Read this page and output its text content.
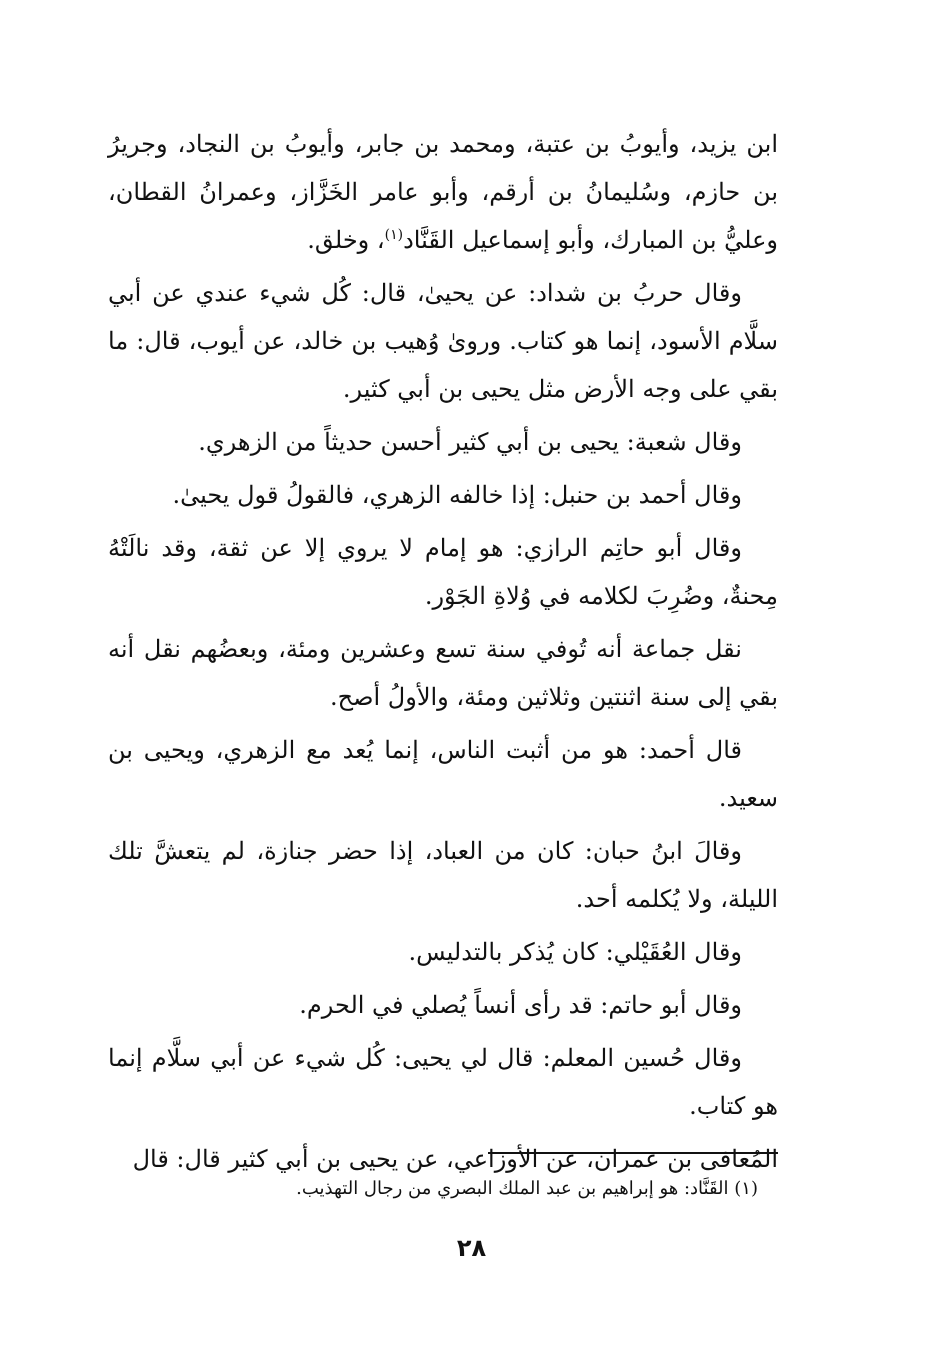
ابن يزيد، وأيوبُ بن عتبة، ومحمد بن جابر، وأيوبُ بن النجاد، وجريرُ بن حازم، وسُليمانُ بن أرقم، وأبو عامر الخَزَّاز، وعمرانُ القطان، وعليُّ بن المبارك، وأبو إسماعيل القَنَّاد$^{(١)}$، وخلق.

وقال حربُ بن شداد: عن يحيىٰ، قال: كُل شيء عندي عن أبي سلَّام الأسود، إنما هو كتاب. ورویٰ وُهيب بن خالد، عن أيوب، قال: ما بقي على وجه الأرض مثل يحيى بن أبي كثير.

وقال شعبة: يحيى بن أبي كثير أحسن حديثاً من الزهري.

وقال أحمد بن حنبل: إذا خالفه الزهري، فالقولُ قول يحيىٰ.

وقال أبو حاتِم الرازي: هو إمام لا يروي إلا عن ثقة، وقد نالَتْهُ مِحنةٌ، وضُرِبَ لكلامه في وُلاةِ الجَوْر.

نقل جماعة أنه تُوفي سنة تسع وعشرين ومئة، وبعضُهم نقل أنه بقي إلى سنة اثنتين وثلاثين ومئة، والأولُ أصح.

قال أحمد: هو من أثبت الناس، إنما يُعد مع الزهري، ويحيى بن سعيد.

وقالَ ابنُ حبان: كان من العباد، إذا حضر جنازة، لم يتعشَّ تلك الليلة، ولا يُكلمه أحد.

وقال العُقَيْلي: كان يُذكر بالتدليس.

وقال أبو حاتم: قد رأى أنساً يُصلي في الحرم.

وقال حُسين المعلم: قال لي يحيى: كُل شيء عن أبي سلَّام إنما هو كتاب.

المُعافى بن عمران، عن الأوزاعي، عن يحيى بن أبي كثير قال: قال

(١) القَنَّاد: هو إبراهيم بن عبد الملك البصري من رجال التهذيب.
٢٨
